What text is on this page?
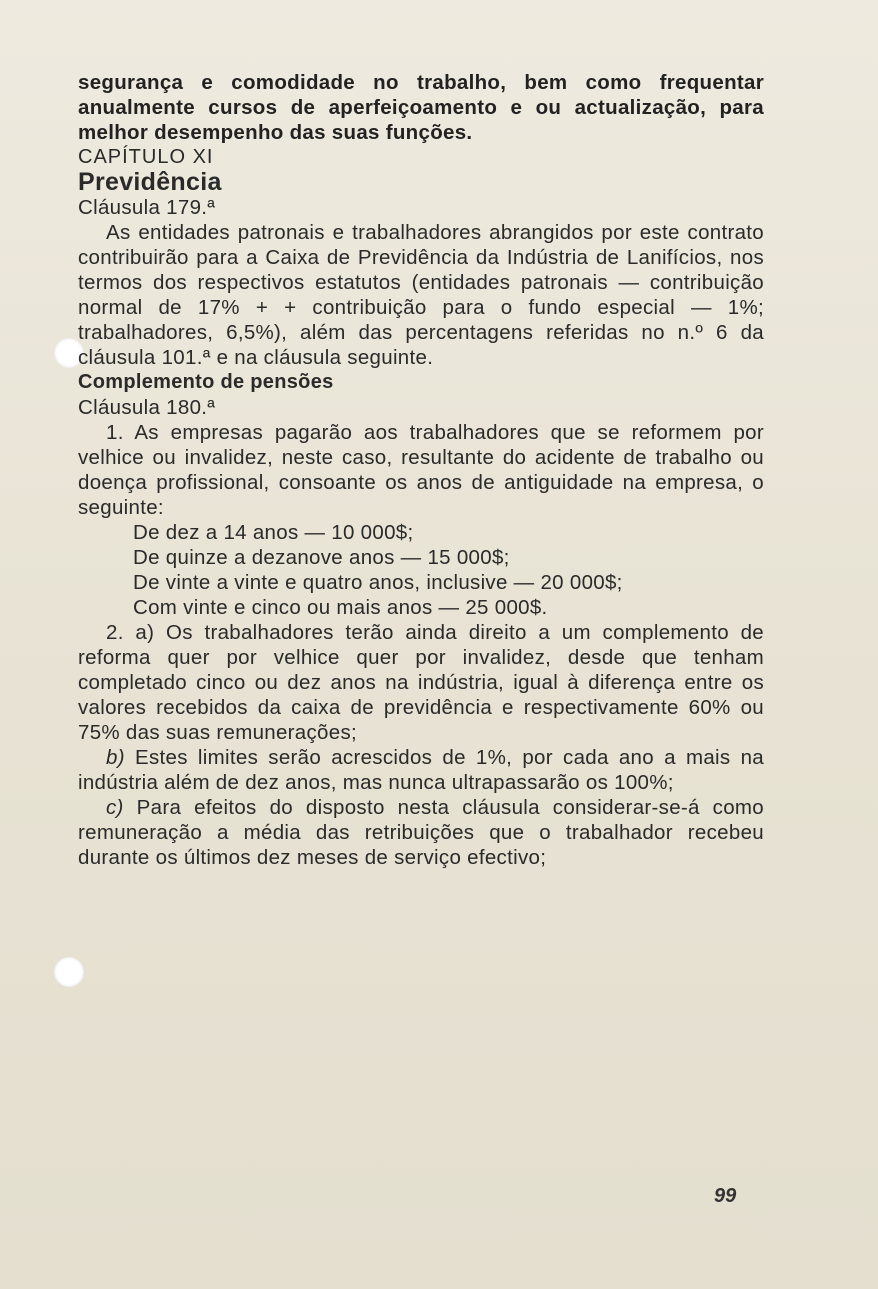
segurança e comodidade no trabalho, bem como frequentar anualmente cursos de aperfeiçoamento e ou actualização, para melhor desempenho das suas funções.

CAPÍTULO XI

Previdência

Cláusula 179.ª

As entidades patronais e trabalhadores abrangidos por este contrato contribuirão para a Caixa de Previdência da Indústria de Lanifícios, nos termos dos respectivos estatutos (entidades patronais — contribuição normal de 17% + + contribuição para o fundo especial — 1%; trabalhadores, 6,5%), além das percentagens referidas no n.º 6 da cláusula 101.ª e na cláusula seguinte.

Complemento de pensões

Cláusula 180.ª

1. As empresas pagarão aos trabalhadores que se reformem por velhice ou invalidez, neste caso, resultante do acidente de trabalho ou doença profissional, consoante os anos de antiguidade na empresa, o seguinte:

De dez a 14 anos — 10 000$;

De quinze a dezanove anos — 15 000$;

De vinte a vinte e quatro anos, inclusive — 20 000$;

Com vinte e cinco ou mais anos — 25 000$.

2. a) Os trabalhadores terão ainda direito a um complemento de reforma quer por velhice quer por invalidez, desde que tenham completado cinco ou dez anos na indústria, igual à diferença entre os valores recebidos da caixa de previdência e respectivamente 60% ou 75% das suas remunerações;

b) Estes limites serão acrescidos de 1%, por cada ano a mais na indústria além de dez anos, mas nunca ultrapassarão os 100%;

c) Para efeitos do disposto nesta cláusula considerar-se-á como remuneração a média das retribuições que o trabalhador recebeu durante os últimos dez meses de serviço efectivo;

99
